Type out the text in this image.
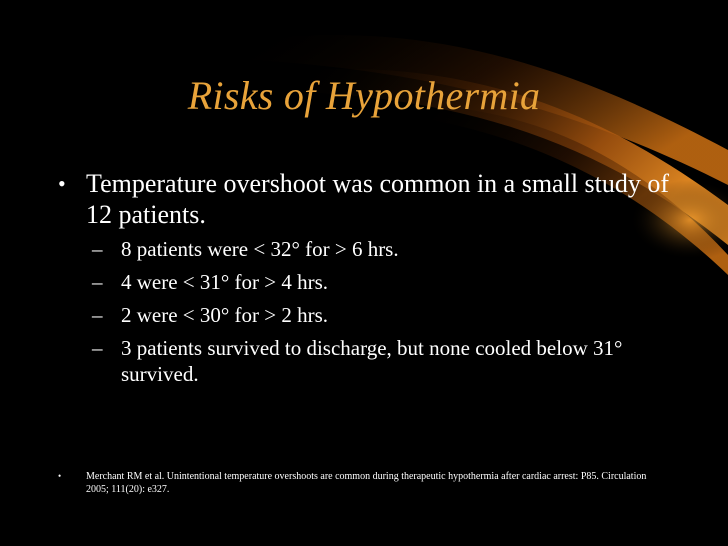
Risks of Hypothermia
• Temperature overshoot was common in a small study of 12 patients.
– 8 patients were < 32° for > 6 hrs.
– 4 were < 31° for > 4 hrs.
– 2 were < 30° for > 2 hrs.
– 3 patients survived to discharge, but none cooled below 31° survived.
•	Merchant RM et al. Unintentional temperature overshoots are common during therapeutic hypothermia after cardiac arrest: P85. Circulation 2005; 111(20): e327.
